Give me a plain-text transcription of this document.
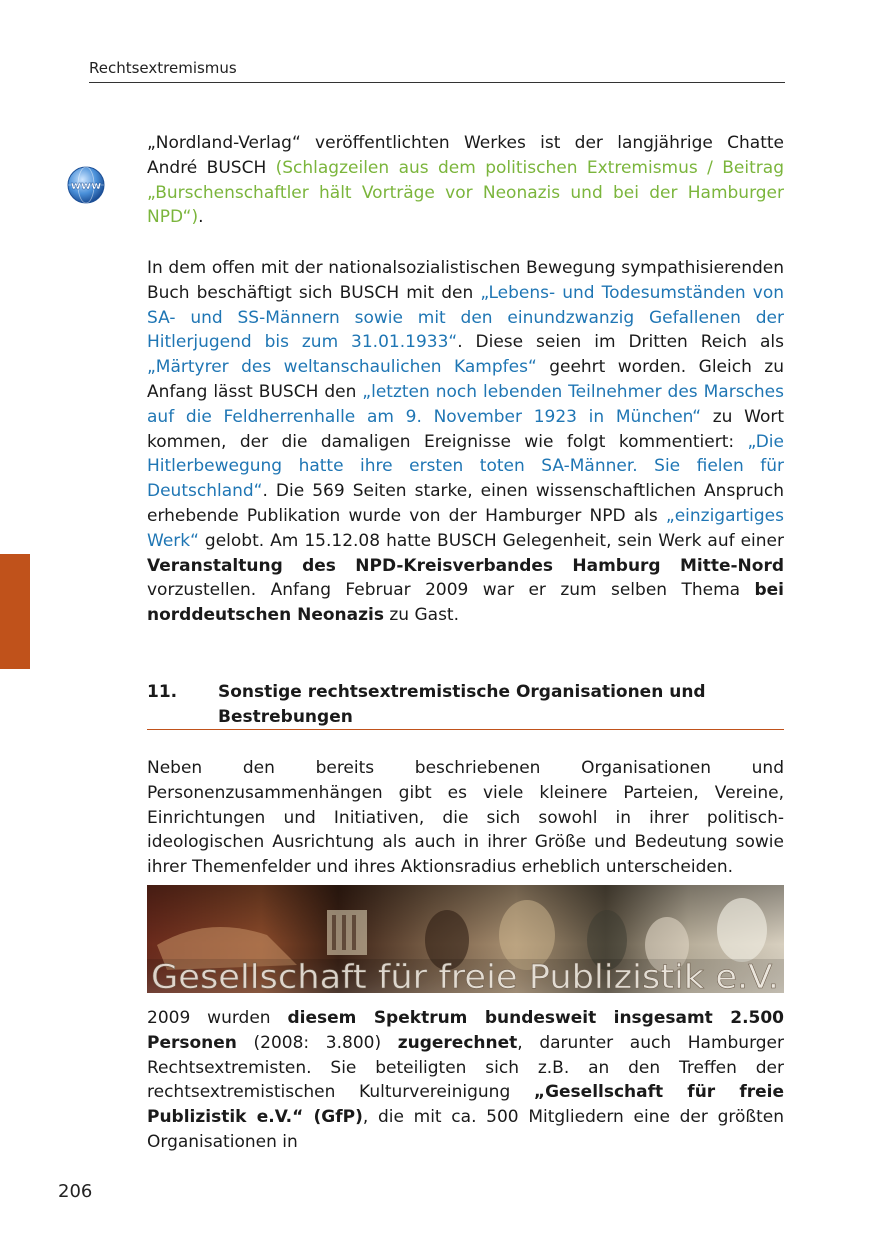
Rechtsextremismus
www
„Nordland-Verlag“ veröffentlichten Werkes ist der langjährige Chatte André BUSCH (Schlagzeilen aus dem politischen Extremismus / Beitrag „Burschenschaftler hält Vorträge vor Neonazis und bei der Hamburger NPD“).
In dem offen mit der nationalsozialistischen Bewegung sympathisierenden Buch beschäftigt sich BUSCH mit den „Lebens- und Todesumständen von SA- und SS-Männern sowie mit den einundzwanzig Gefallenen der Hitlerjugend bis zum 31.01.1933“. Diese seien im Dritten Reich als „Märtyrer des weltanschaulichen Kampfes“ geehrt worden. Gleich zu Anfang lässt BUSCH den „letzten noch lebenden Teilnehmer des Marsches auf die Feldherrenhalle am 9. November 1923 in München“ zu Wort kommen, der die damaligen Ereignisse wie folgt kommentiert: „Die Hitlerbewegung hatte ihre ersten toten SA-Männer. Sie fielen für Deutschland“. Die 569 Seiten starke, einen wissenschaftlichen Anspruch erhebende Publikation wurde von der Hamburger NPD als „einzigartiges Werk“ gelobt. Am 15.12.08 hatte BUSCH Gelegenheit, sein Werk auf einer Veranstaltung des NPD-Kreisverbandes Hamburg Mitte-Nord vorzustellen. Anfang Februar 2009 war er zum selben Thema bei norddeutschen Neonazis zu Gast.
11. Sonstige rechtsextremistische Organisationen und Bestrebungen
Neben den bereits beschriebenen Organisationen und Personenzusammenhängen gibt es viele kleinere Parteien, Vereine, Einrichtungen und Initiativen, die sich sowohl in ihrer politisch-ideologischen Ausrichtung als auch in ihrer Größe und Bedeutung sowie ihrer Themenfelder und ihres Aktionsradius erheblich unterscheiden.
Gesellschaft für freie Publizistik e.V.
2009 wurden diesem Spektrum bundesweit insgesamt 2.500 Personen (2008: 3.800) zugerechnet, darunter auch Hamburger Rechtsextremisten. Sie beteiligten sich z.B. an den Treffen der rechtsextremistischen Kulturvereinigung „Gesellschaft für freie Publizistik e.V.“ (GfP), die mit ca. 500 Mitgliedern eine der größten Organisationen in
206
